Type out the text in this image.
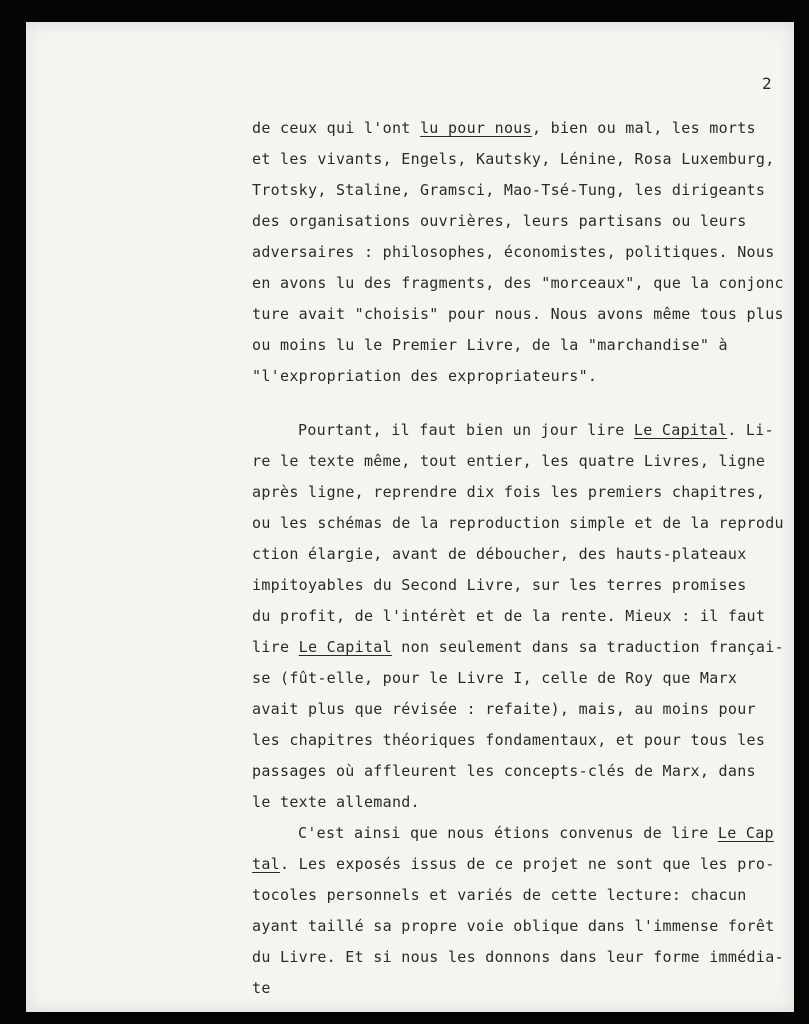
2
de ceux qui l'ont lu pour nous, bien ou mal, les morts
et les vivants, Engels, Kautsky, Lénine, Rosa Luxemburg,
Trotsky, Staline, Gramsci, Mao-Tsé-Tung, les dirigeants
des organisations ouvrières, leurs partisans ou leurs
adversaires : philosophes, économistes, politiques. Nous
en avons lu des fragments, des "morceaux", que la conjonc
ture avait "choisis" pour nous. Nous avons même tous plus
ou moins lu le Premier Livre, de la "marchandise" à
"l'expropriation des expropriateurs".
Pourtant, il faut bien un jour lire Le Capital. Li-
re le texte même, tout entier, les quatre Livres, ligne
après ligne, reprendre dix fois les premiers chapitres,
ou les schémas de la reproduction simple et de la reprodu
ction élargie, avant de déboucher, des hauts-plateaux
impitoyables du Second Livre, sur les terres promises
du profit, de l'intérèt et de la rente. Mieux : il faut
lire Le Capital non seulement dans sa traduction françai-
se (fût-elle, pour le Livre I, celle de Roy que Marx
avait plus que révisée : refaite), mais, au moins pour
les chapitres théoriques fondamentaux, et pour tous les
passages où affleurent les concepts-clés de Marx, dans
le texte allemand.
C'est ainsi que nous étions convenus de lire Le Cap
tal. Les exposés issus de ce projet ne sont que les pro-
tocoles personnels et variés de cette lecture: chacun
ayant taillé sa propre voie oblique dans l'immense forêt
du Livre. Et si nous les donnons dans leur forme immédia-
te
